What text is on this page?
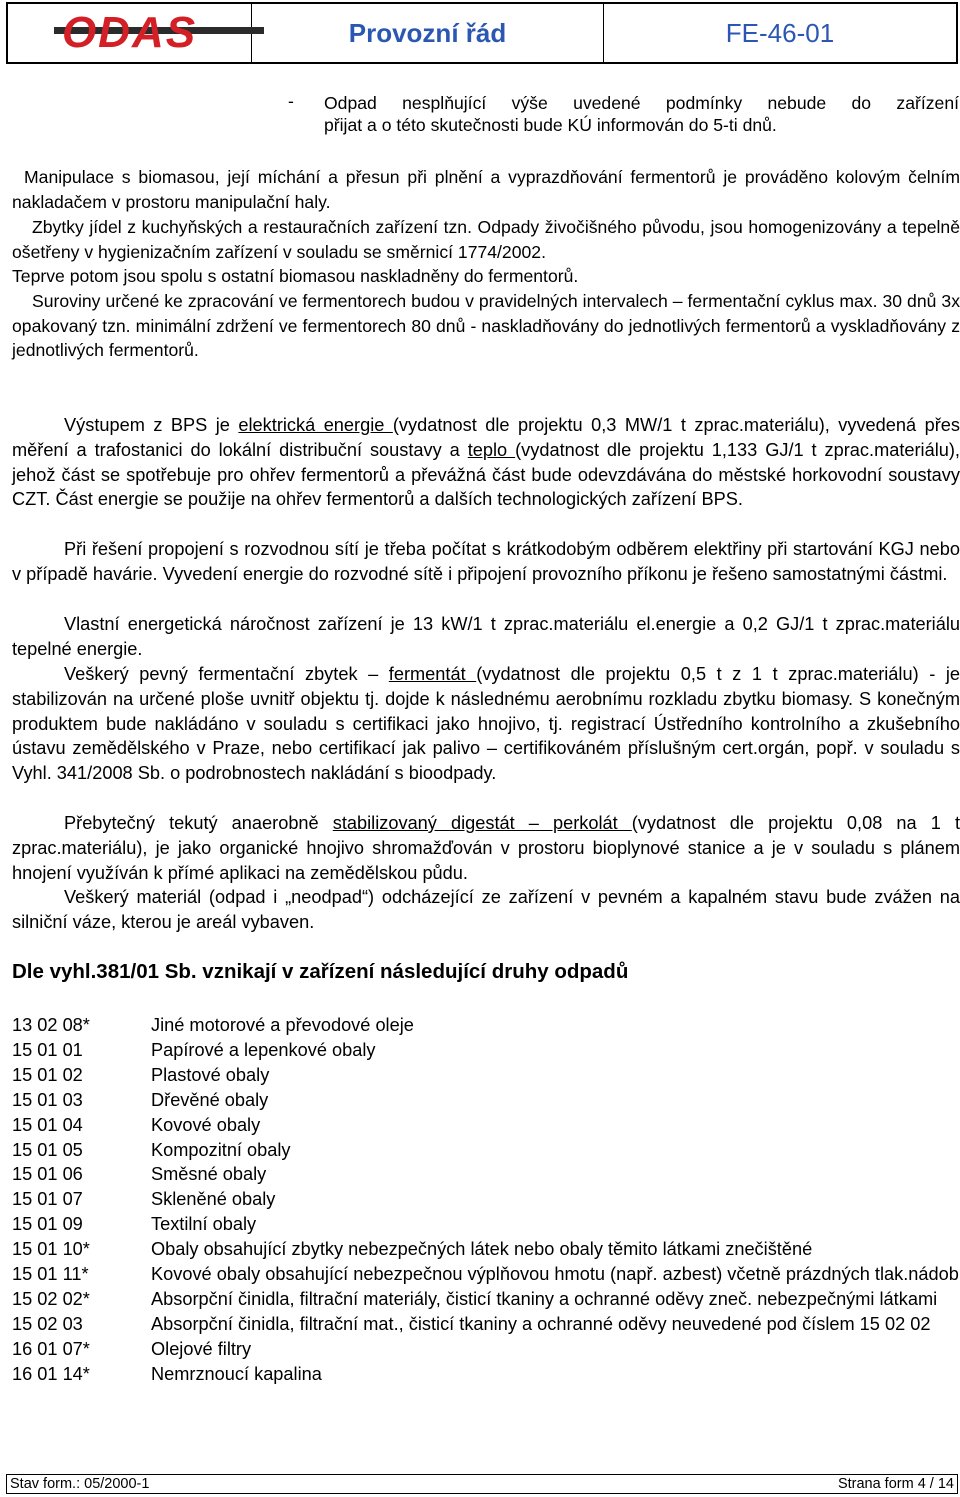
ODAS	Provozní řád	FE-46-01
- Odpad nesplňující výše uvedené podmínky nebude do zařízení
přijat a o této skutečnosti bude KÚ informován do 5-ti dnů.
Manipulace s biomasou, její míchání a přesun při plnění a vyprazdňování fermentorů je prováděno kolovým čelním nakladačem v prostoru manipulační haly.
Zbytky jídel z kuchyňských a restauračních zařízení tzn. Odpady živočišného původu, jsou homogenizovány a tepelně ošetřeny v hygienizačním zařízení v souladu se směrnicí 1774/2002.
Teprve potom jsou spolu s ostatní biomasou naskladněny do fermentorů.
Suroviny určené ke zpracování ve fermentorech budou v pravidelných intervalech – fermentační cyklus max. 30 dnů 3x opakovaný tzn. minimální zdržení ve fermentorech 80 dnů - naskladňovány do jednotlivých fermentorů a vyskladňovány z jednotlivých fermentorů.
Výstupem z BPS je elektrická energie (vydatnost dle projektu 0,3 MW/1 t zprac.materiálu), vyvedená přes měření a trafostanici do lokální distribuční soustavy a teplo (vydatnost dle projektu 1,133 GJ/1 t zprac.materiálu), jehož část se spotřebuje pro ohřev fermentorů a převážná část bude odevzdávána do městské horkovodní soustavy CZT. Část energie se použije na ohřev fermentorů a dalších technologických zařízení BPS.
Při řešení propojení s rozvodnou sítí je třeba počítat s krátkodobým odběrem elektřiny při startování KGJ nebo v případě havárie. Vyvedení energie do rozvodné sítě i připojení provozního příkonu je řešeno samostatnými částmi.
Vlastní energetická náročnost zařízení je 13 kW/1 t zprac.materiálu el.energie a 0,2 GJ/1 t zprac.materiálu tepelné energie.
Veškerý pevný fermentační zbytek – fermentát (vydatnost dle projektu 0,5 t z 1 t zprac.materiálu) - je stabilizován na určené ploše uvnitř objektu tj. dojde k následnému aerobnímu rozkladu zbytku biomasy. S konečným produktem bude nakládáno v souladu s certifikaci jako hnojivo, tj. registrací Ústředního kontrolního a zkušebního ústavu zemědělského v Praze, nebo certifikací jak palivo – certifikováném příslušným cert.orgán, popř. v souladu s Vyhl. 341/2008 Sb. o podrobnostech nakládání s bioodpady.
Přebytečný tekutý anaerobně stabilizovaný digestát – perkolát (vydatnost dle projektu 0,08 na 1 t zprac.materiálu), je jako organické hnojivo shromažďován v prostoru bioplynové stanice a je v souladu s plánem hnojení využíván k přímé aplikaci na zemědělskou půdu.
Veškerý materiál (odpad i „neodpad“) odcházející ze zařízení v pevném a kapalném stavu bude zvážen na silniční váze, kterou je areál vybaven.
Dle vyhl.381/01 Sb. vznikají v zařízení následující druhy odpadů
13 02 08*	Jiné motorové a převodové oleje
15 01 01	Papírové a lepenkové obaly
15 01 02	Plastové obaly
15 01 03	Dřevěné obaly
15 01 04	Kovové obaly
15 01 05	Kompozitní obaly
15 01 06	Směsné obaly
15 01 07	Skleněné obaly
15 01 09	Textilní obaly
15 01 10*	Obaly obsahující zbytky nebezpečných látek nebo obaly těmito látkami znečištěné
15 01 11*	Kovové obaly obsahující nebezpečnou výplňovou hmotu (např. azbest) včetně prázdných tlak.nádob
15 02 02*	Absorpční činidla, filtrační materiály, čisticí tkaniny a ochranné oděvy zneč. nebezpečnými látkami
15 02 03	Absorpční činidla, filtrační mat., čisticí tkaniny a ochranné oděvy neuvedené pod číslem 15 02 02
16 01 07*	Olejové filtry
16 01 14*	Nemrznoucí kapalina
Stav form.: 05/2000-1	Strana form 4 / 14
